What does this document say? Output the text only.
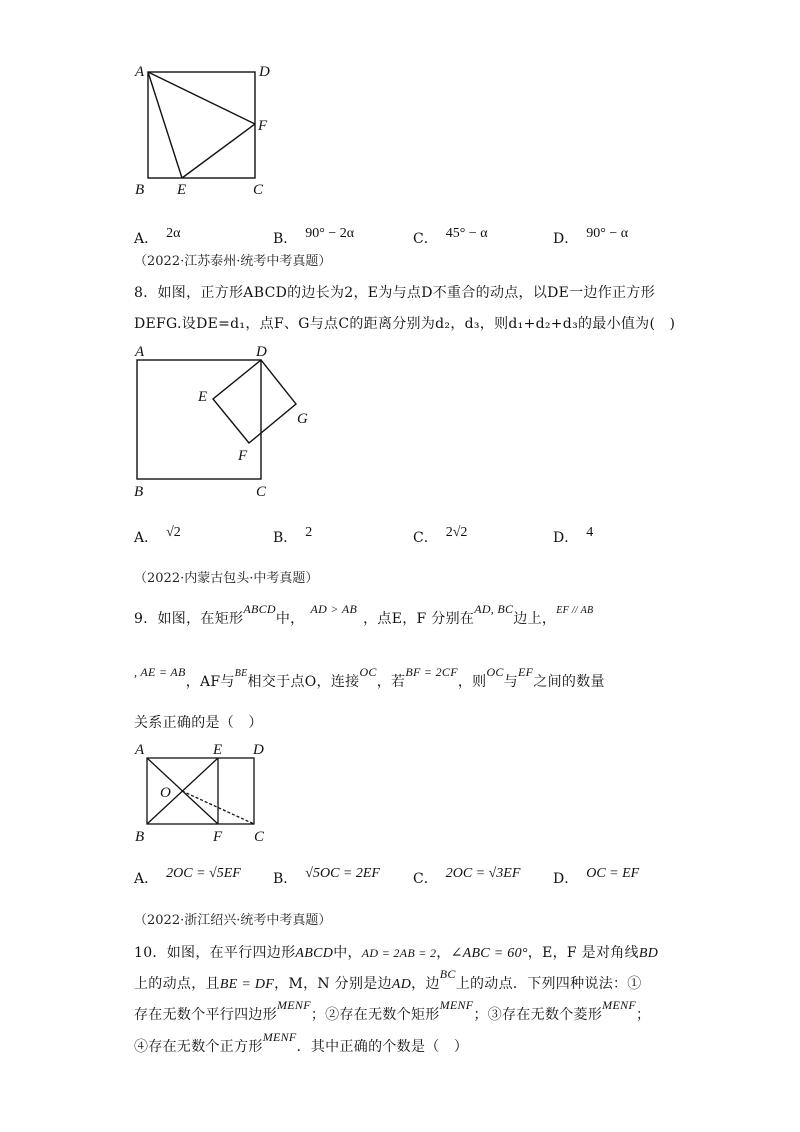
A	D
F
B E	C
A． 2α	B． 90° − 2α	C． 45° − α	D． 90° − α
（2022·江苏泰州·统考中考真题）
8．如图，正方形ABCD的边长为2，E为与点D不重合的动点，以DE一边作正方形
DEFG.设DE=d₁，点F、G与点C的距离分别为d₂，d₃，则d₁+d₂+d₃的最小值为(　)
A	D
E
G
F
B	C
A． √2	B． 2	C． 2√2	D． 4
（2022·内蒙古包头·中考真题）
9．如图，在矩形ABCD中，AD > AB，点E，F 分别在AD, BC边上，$^{EF // AB}$
, AE = AB，AF与$^{BE}$相交于点O，连接OC，若BF = 2CF，则OC与EF之间的数量
关系正确的是（　）
A	E D
O
B	F C
A． 2OC = √5EF B． √5OC = 2EF C． 2OC = √3EF D． OC = EF
（2022·浙江绍兴·统考中考真题）
10．如图，在平行四边形ABCD中，AD = 2AB = 2，∠ABC = 60°，E，F 是对角线BD
上的动点，且BE = DF，M，N 分别是边AD，边BC上的动点．下列四种说法：①
存在无数个平行四边形MENF；②存在无数个矩形MENF；③存在无数个菱形MENF；
④存在无数个正方形MENF．其中正确的个数是（　）
